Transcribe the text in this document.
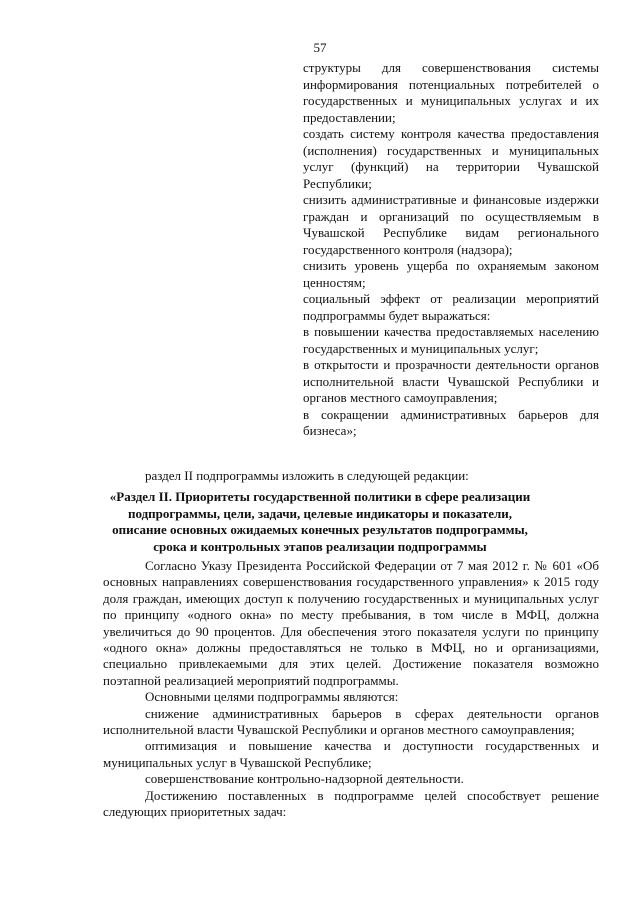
57

структуры для совершенствования системы информирования потенциальных потребителей о государственных и муниципальных услугах и их предоставлении;

создать систему контроля качества предоставления (исполнения) государственных и муниципальных услуг (функций) на территории Чувашской Республики;

снизить административные и финансовые издержки граждан и организаций по осуществляемым в Чувашской Республике видам регионального государственного контроля (надзора);

снизить уровень ущерба по охраняемым законом ценностям;

социальный эффект от реализации мероприятий подпрограммы будет выражаться:

в повышении качества предоставляемых населению государственных и муниципальных услуг;

в открытости и прозрачности деятельности органов исполнительной власти Чувашской Республики и органов местного самоуправления;

в сокращении административных барьеров для бизнеса»;

раздел II подпрограммы изложить в следующей редакции:
«Раздел II. Приоритеты государственной политики в сфере реализации подпрограммы, цели, задачи, целевые индикаторы и показатели, описание основных ожидаемых конечных результатов подпрограммы, срока и контрольных этапов реализации подпрограммы

Согласно Указу Президента Российской Федерации от 7 мая 2012 г. № 601 «Об основных направлениях совершенствования государственного управления» к 2015 году доля граждан, имеющих доступ к получению государственных и муниципальных услуг по принципу «одного окна» по месту пребывания, в том числе в МФЦ, должна увеличиться до 90 процентов. Для обеспечения этого показателя услуги по принципу «одного окна» должны предоставляться не только в МФЦ, но и организациями, специально привлекаемыми для этих целей. Достижение показателя возможно поэтапной реализацией мероприятий подпрограммы.

Основными целями подпрограммы являются:

снижение административных барьеров в сферах деятельности органов исполнительной власти Чувашской Республики и органов местного самоуправления;

оптимизация и повышение качества и доступности государственных и муниципальных услуг в Чувашской Республике;

совершенствование контрольно-надзорной деятельности.

Достижению поставленных в подпрограмме целей способствует решение следующих приоритетных задач:
